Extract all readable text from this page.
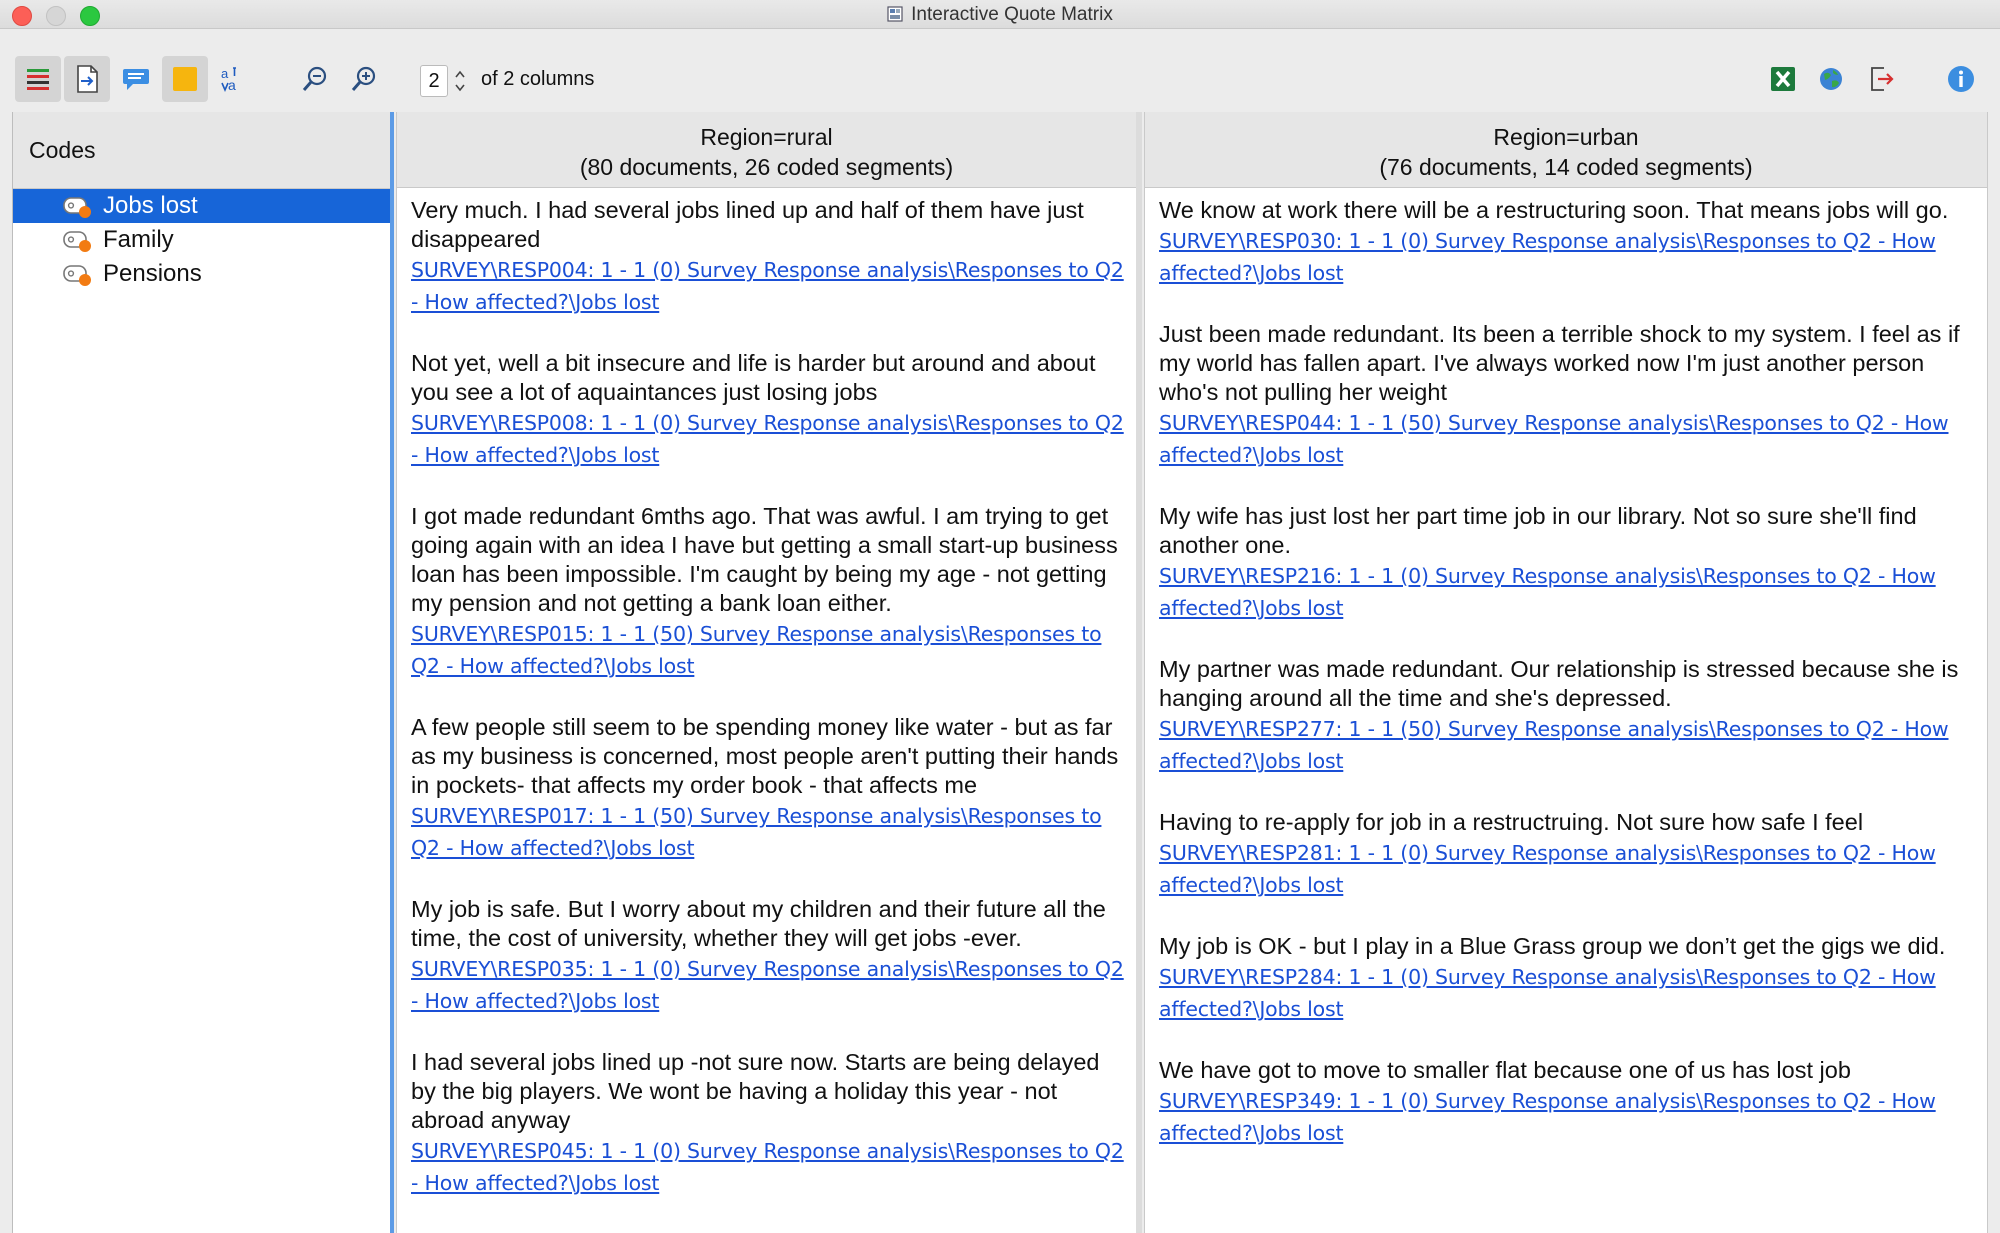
Interactive Quote Matrix
a
a	2	of 2 columns
Codes
Jobs lost
Family
Pensions
Region=rural
(80 documents, 26 coded segments)
Very much. I had several jobs lined up and half of them have just disappeared
SURVEY\RESP004: 1 - 1 (0) Survey Response analysis\Responses to Q2 - How affected?\Jobs lost
Not yet, well a bit insecure and life is harder but around and about you see a lot of aquaintances just losing jobs
SURVEY\RESP008: 1 - 1 (0) Survey Response analysis\Responses to Q2 - How affected?\Jobs lost
I got made redundant 6mths ago. That was awful. I am trying to get going again with an idea I have but getting a small start-up business loan has been impossible. I'm caught by being my age - not getting my pension and not getting a bank loan either.
SURVEY\RESP015: 1 - 1 (50) Survey Response analysis\Responses to Q2 - How affected?\Jobs lost
A few people still seem to be spending money like water - but as far as my business is concerned, most people aren't putting their hands in pockets- that affects my order book - that affects me
SURVEY\RESP017: 1 - 1 (50) Survey Response analysis\Responses to Q2 - How affected?\Jobs lost
My job is safe. But I worry about my children and their future all the time, the cost of university, whether they will get jobs -ever.
SURVEY\RESP035: 1 - 1 (0) Survey Response analysis\Responses to Q2 - How affected?\Jobs lost
I had several jobs lined up -not sure now. Starts are being delayed by the big players. We wont be having a holiday this year - not abroad anyway
SURVEY\RESP045: 1 - 1 (0) Survey Response analysis\Responses to Q2 - How affected?\Jobs lost
Region=urban
(76 documents, 14 coded segments)
We know at work there will be a restructuring soon. That means jobs will go.
SURVEY\RESP030: 1 - 1 (0) Survey Response analysis\Responses to Q2 - How affected?\Jobs lost
Just been made redundant. Its been a terrible shock to my system. I feel as if my world has fallen apart. I've always worked now I'm just another person who's not pulling her weight
SURVEY\RESP044: 1 - 1 (50) Survey Response analysis\Responses to Q2 - How affected?\Jobs lost
My wife has just lost her part time job in our library. Not so sure she'll find another one.
SURVEY\RESP216: 1 - 1 (0) Survey Response analysis\Responses to Q2 - How affected?\Jobs lost
My partner was made redundant. Our relationship is stressed because she is hanging around all the time and she's depressed.
SURVEY\RESP277: 1 - 1 (50) Survey Response analysis\Responses to Q2 - How affected?\Jobs lost
Having to re-apply for job in a restructruing. Not sure how safe I feel
SURVEY\RESP281: 1 - 1 (0) Survey Response analysis\Responses to Q2 - How affected?\Jobs lost
My job is OK - but I play in a Blue Grass group we don’t get the gigs we did.
SURVEY\RESP284: 1 - 1 (0) Survey Response analysis\Responses to Q2 - How affected?\Jobs lost
We have got to move to smaller flat because one of us has lost job
SURVEY\RESP349: 1 - 1 (0) Survey Response analysis\Responses to Q2 - How affected?\Jobs lost
